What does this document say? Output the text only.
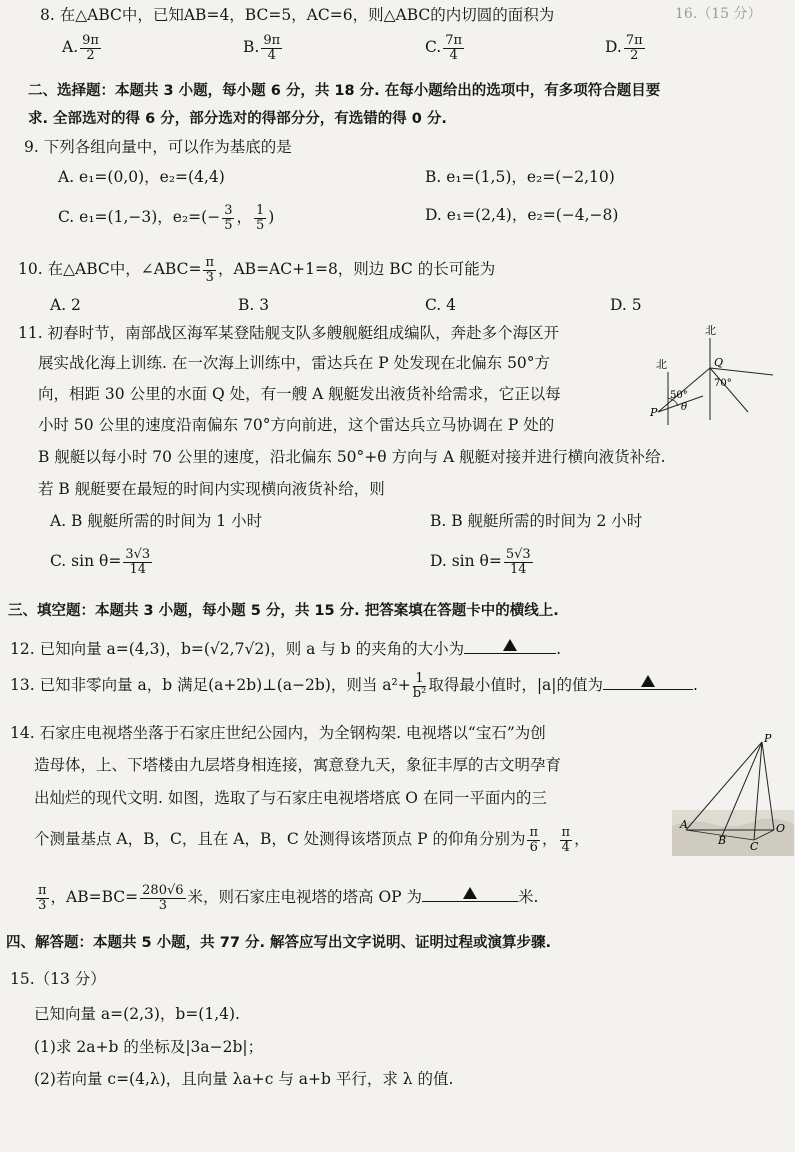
16.（15 分）
8. 在△ABC中，已知AB=4，BC=5，AC=6，则△ABC的内切圆的面积为
A. $\frac{9\pi}{2}$	B. $\frac{9\pi}{4}$	C. $\frac{7\pi}{4}$	D. $\frac{7\pi}{2}$
二、选择题：本题共 3 小题，每小题 6 分，共 18 分. 在每小题给出的选项中，有多项符合题目要
求. 全部选对的得 6 分，部分选对的得部分分，有选错的得 0 分.
9. 下列各组向量中，可以作为基底的是
A. e₁=(0,0)，e₂=(4,4)	B. e₁=(1,5)，e₂=(−2,10)
C. e₁=(1,−3)，$e_2=(- \frac{3}{5}$ ， $\frac{1}{5}$ )	D. e₁=(2,4)，e₂=(−4,−8)
10. 在△ABC中，∠ABC= $\frac{\pi}{3}$ ，AB=AC+1=8，则边 BC 的长可能为
A. 2	B. 3	C. 4	D. 5
11. 初春时节，南部战区海军某登陆舰支队多艘舰艇组成编队，奔赴多个海区开
展实战化海上训练. 在一次海上训练中，雷达兵在 P 处发现在北偏东 50°方
向，相距 30 公里的水面 Q 处，有一艘 A 舰艇发出液货补给需求，它正以每
小时 50 公里的速度沿南偏东 70°方向前进，这个雷达兵立马协调在 P 处的
B 舰艇以每小时 70 公里的速度，沿北偏东 50°+θ 方向与 A 舰艇对接并进行横向液货补给.
若 B 舰艇要在最短的时间内实现横向液货补给，则
A. B 舰艇所需的时间为 1 小时	B. B 舰艇所需的时间为 2 小时
C. $\sin \theta= \frac{3√3}{14}$	D. $\sin \theta= \frac{5√3}{14}$
北
北	Q
P
50°
70°
θ
三、填空题：本题共 3 小题，每小题 5 分，共 15 分. 把答案填在答题卡中的横线上.
12. 已知向量 a=(4,3)，b=(√2,7√2)，则 a 与 b 的夹角的大小为	.
13. 已知非零向量 a，b 满足(a+2b)⊥(a−2b)，则当 $a^2+ \frac{1}{\text{b²}}$ 取得最小值时，|a|的值为	.
14. 石家庄电视塔坐落于石家庄世纪公园内，为全钢构架. 电视塔以“宝石”为创
造母体，上、下塔楼由九层塔身相连接，寓意登九天，象征丰厚的古文明孕育
出灿烂的现代文明. 如图，选取了与石家庄电视塔塔底 O 在同一平面内的三
个测量基点 A，B，C，且在 A，B，C 处测得该塔顶点 P 的仰角分别为 $\frac{\pi}{6}$ ， $\frac{\pi}{4}$ ，
$\frac{\pi}{3}$ ，$AB=BC= \frac{280√6}{3}$ 米，则石家庄电视塔的塔高 OP 为	米.
P
A
B C
O
四、解答题：本题共 5 小题，共 77 分. 解答应写出文字说明、证明过程或演算步骤.
15.（13 分）
已知向量 a=(2,3)，b=(1,4).
(1)求 2a+b 的坐标及|3a−2b|；
(2)若向量 c=(4,λ)，且向量 λa+c 与 a+b 平行，求 λ 的值.
